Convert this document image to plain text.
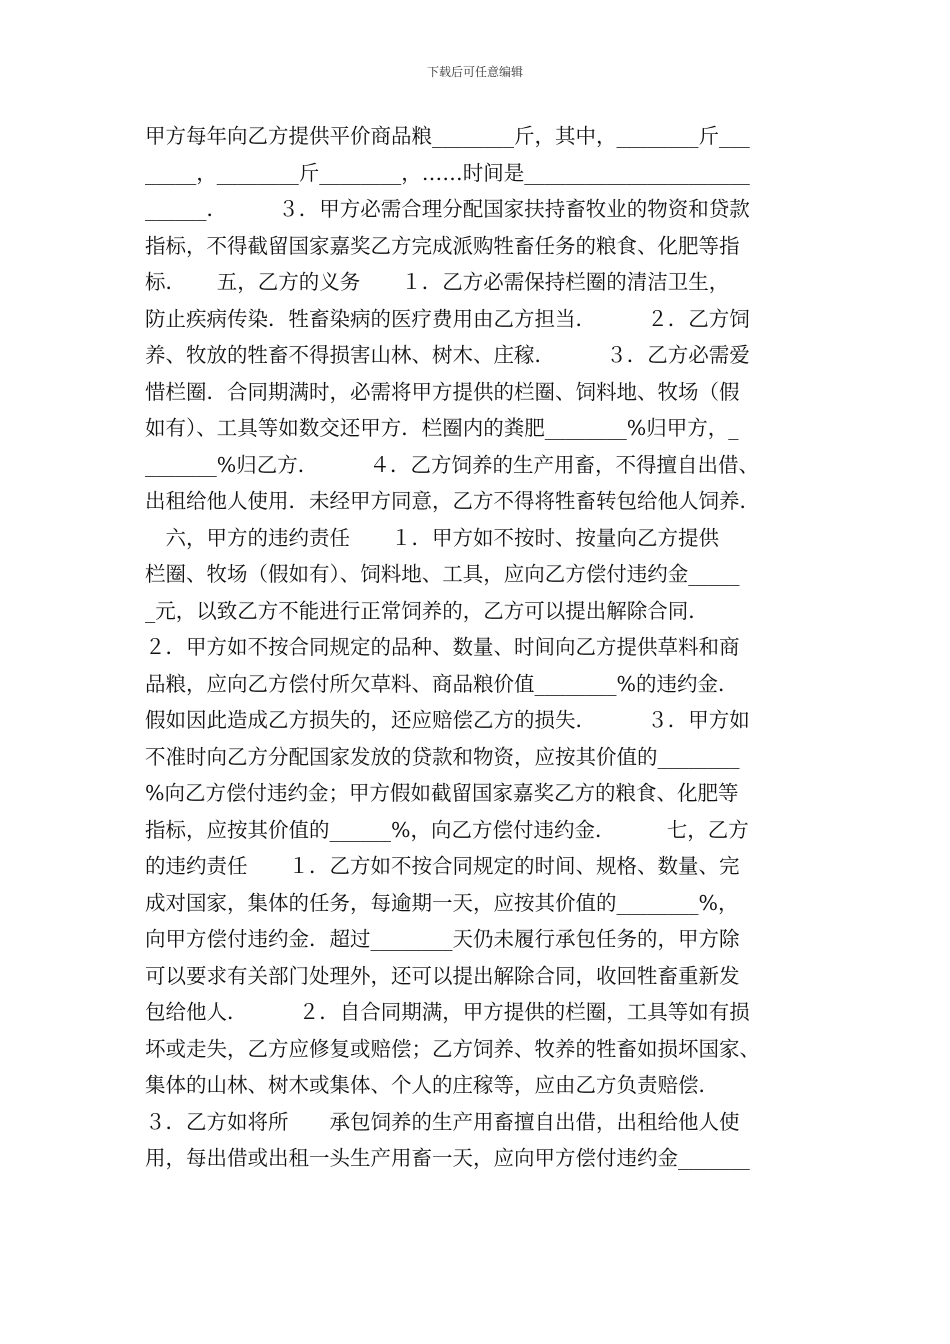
下载后可任意编辑
甲方每年向乙方提供平价商品粮________斤，其中，________斤___
_____，________斤________，……时间是______________________
______．　　　３．甲方必需合理分配国家扶持畜牧业的物资和贷款
指标，不得截留国家嘉奖乙方完成派购牲畜任务的粮食、化肥等指
标．　　五，乙方的义务　　１．乙方必需保持栏圈的清洁卫生，
防止疾病传染．牲畜染病的医疗费用由乙方担当．　　　２．乙方饲
养、牧放的牲畜不得损害山林、树木、庄稼．　　　３．乙方必需爱
惜栏圈．合同期满时，必需将甲方提供的栏圈、饲料地、牧场（假
如有）、工具等如数交还甲方．栏圈内的粪肥________%归甲方，_
_______%归乙方．　　　４．乙方饲养的生产用畜，不得擅自出借、
出租给他人使用．未经甲方同意，乙方不得将牲畜转包给他人饲养．
　六，甲方的违约责任　　１．甲方如不按时、按量向乙方提供
栏圈、牧场（假如有）、饲料地、工具，应向乙方偿付违约金_____
_元，以致乙方不能进行正常饲养的，乙方可以提出解除合同．
２．甲方如不按合同规定的品种、数量、时间向乙方提供草料和商
品粮，应向乙方偿付所欠草料、商品粮价值________%的违约金．
假如因此造成乙方损失的，还应赔偿乙方的损失．　　　３．甲方如
不准时向乙方分配国家发放的贷款和物资，应按其价值的________
%向乙方偿付违约金；甲方假如截留国家嘉奖乙方的粮食、化肥等
指标，应按其价值的______%，向乙方偿付违约金．　　　七，乙方
的违约责任　　１．乙方如不按合同规定的时间、规格、数量、完
成对国家，集体的任务，每逾期一天，应按其价值的________%，
向甲方偿付违约金．超过________天仍未履行承包任务的，甲方除
可以要求有关部门处理外，还可以提出解除合同，收回牲畜重新发
包给他人．　　　２．自合同期满，甲方提供的栏圈，工具等如有损
坏或走失，乙方应修复或赔偿；乙方饲养、牧养的牲畜如损坏国家、
集体的山林、树木或集体、个人的庄稼等，应由乙方负责赔偿．
３．乙方如将所　　承包饲养的生产用畜擅自出借，出租给他人使
用，每出借或出租一头生产用畜一天，应向甲方偿付违约金_______
